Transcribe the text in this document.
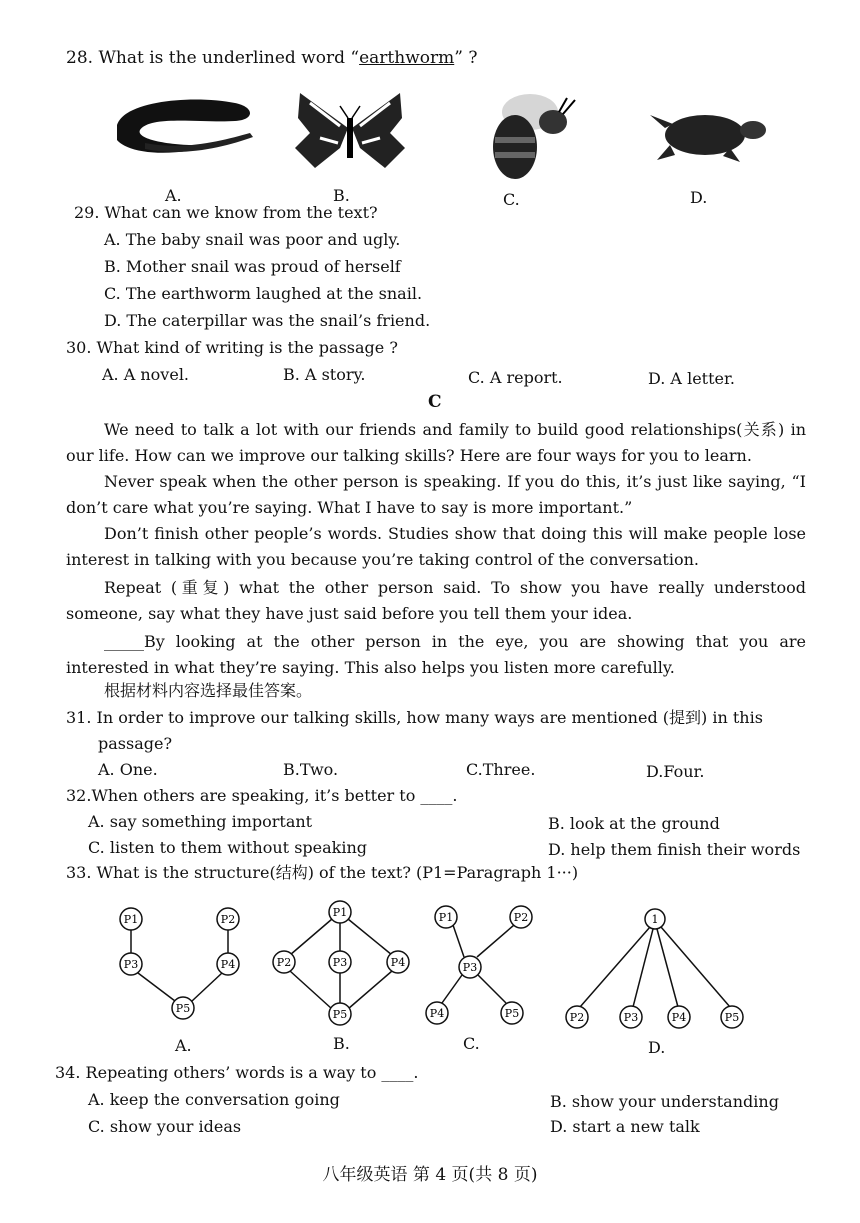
28. What is the underlined word “earthworm” ?
A.	B.	C.	D.
29. What can we know from the text?
A. The baby snail was poor and ugly.
B. Mother snail was proud of herself
C. The earthworm laughed at the snail.
D. The caterpillar was the snail’s friend.
30. What kind of writing is the passage ?
A. A novel.	B. A story.	C. A report.	D. A letter.
C
We need to talk a lot with our friends and family to build good relationships(关系) in our life. How can we improve our talking skills? Here are four ways for you to learn.
Never speak when the other person is speaking. If you do this, it’s just like saying, “I don’t care what you’re saying. What I have to say is more important.”
Don’t finish other people’s words. Studies show that doing this will make people lose interest in talking with you because you’re taking control of the conversation.
Repeat (重复) what the other person said. To show you have really understood someone, say what they have just said before you tell them your idea.
_____By looking at the other person in the eye, you are showing that you are interested in what they’re saying. This also helps you listen more carefully.
根据材料内容选择最佳答案。
31. In order to improve our talking skills, how many ways are mentioned (提到) in this
passage?
A. One.	B.Two.	C.Three.	D.Four.
32.When others are speaking, it’s better to ____.
A. say something important	B. look at the ground
C. listen to them without speaking	D. help them finish their words
33. What is the structure(结构) of the text? (P1=Paragraph 1···)
P1	P2
P3	P4
P5
P1
P2	P3	P4
P5
P1	P2
P3
P4	P5
1
P2	P3	P4	P5
A.	B.	C.	D.
34. Repeating others’ words is a way to ____.
A. keep the conversation going	B. show your understanding
C. show your ideas	D. start a new talk
八年级英语 第 4 页(共 8 页)
